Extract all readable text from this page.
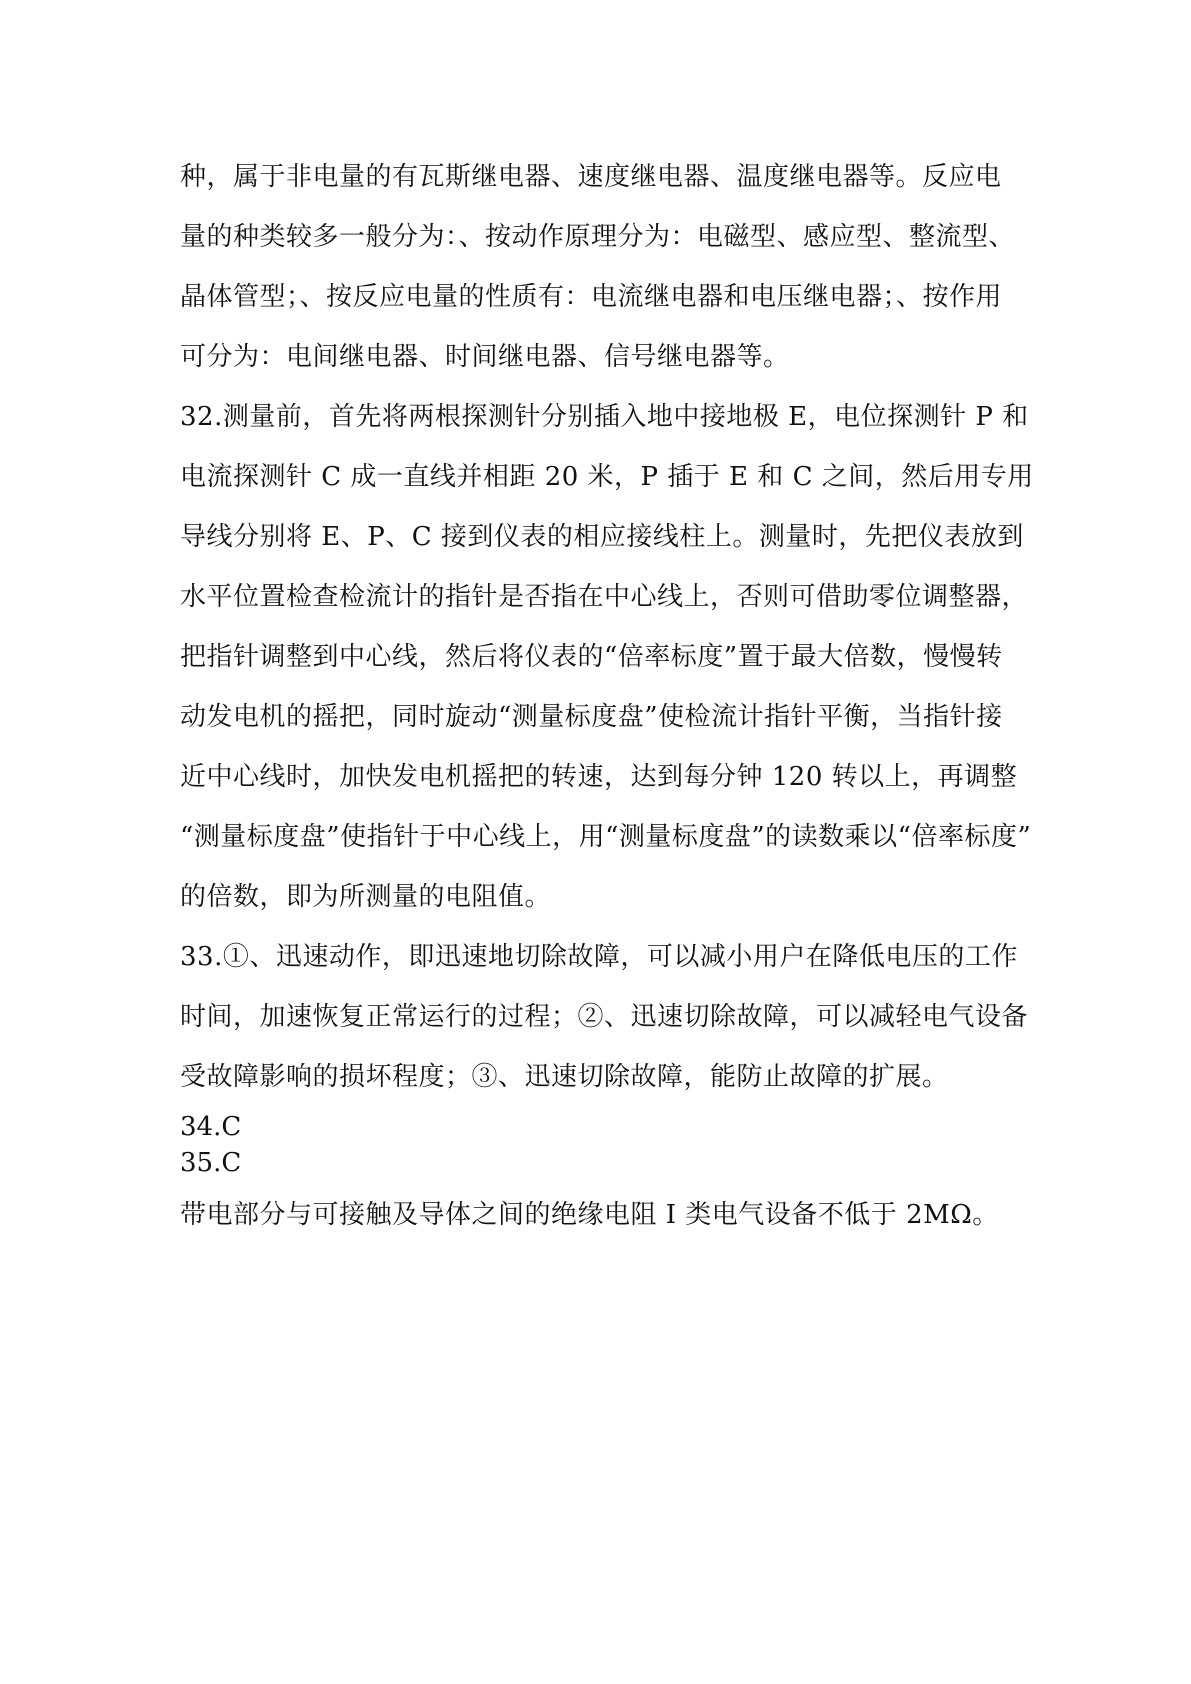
种，属于非电量的有瓦斯继电器、速度继电器、温度继电器等。反应电
量的种类较多一般分为：、按动作原理分为：电磁型、感应型、整流型、
晶体管型；、按反应电量的性质有：电流继电器和电压继电器；、按作用
可分为：电间继电器、时间继电器、信号继电器等。
32.测量前，首先将两根探测针分别插入地中接地极 E，电位探测针 P 和
电流探测针 C 成一直线并相距 20 米，P 插于 E 和 C 之间，然后用专用
导线分别将 E、P、C 接到仪表的相应接线柱上。测量时，先把仪表放到
水平位置检查检流计的指针是否指在中心线上，否则可借助零位调整器，
把指针调整到中心线，然后将仪表的“倍率标度”置于最大倍数，慢慢转
动发电机的摇把，同时旋动“测量标度盘”使检流计指针平衡，当指针接
近中心线时，加快发电机摇把的转速，达到每分钟 120 转以上，再调整
“测量标度盘”使指针于中心线上，用“测量标度盘”的读数乘以“倍率标度”
的倍数，即为所测量的电阻值。
33.①、迅速动作，即迅速地切除故障，可以减小用户在降低电压的工作
时间，加速恢复正常运行的过程；②、迅速切除故障，可以减轻电气设备
受故障影响的损坏程度；③、迅速切除故障，能防止故障的扩展。
34.C
35.C
带电部分与可接触及导体之间的绝缘电阻 I 类电气设备不低于 2MΩ。
